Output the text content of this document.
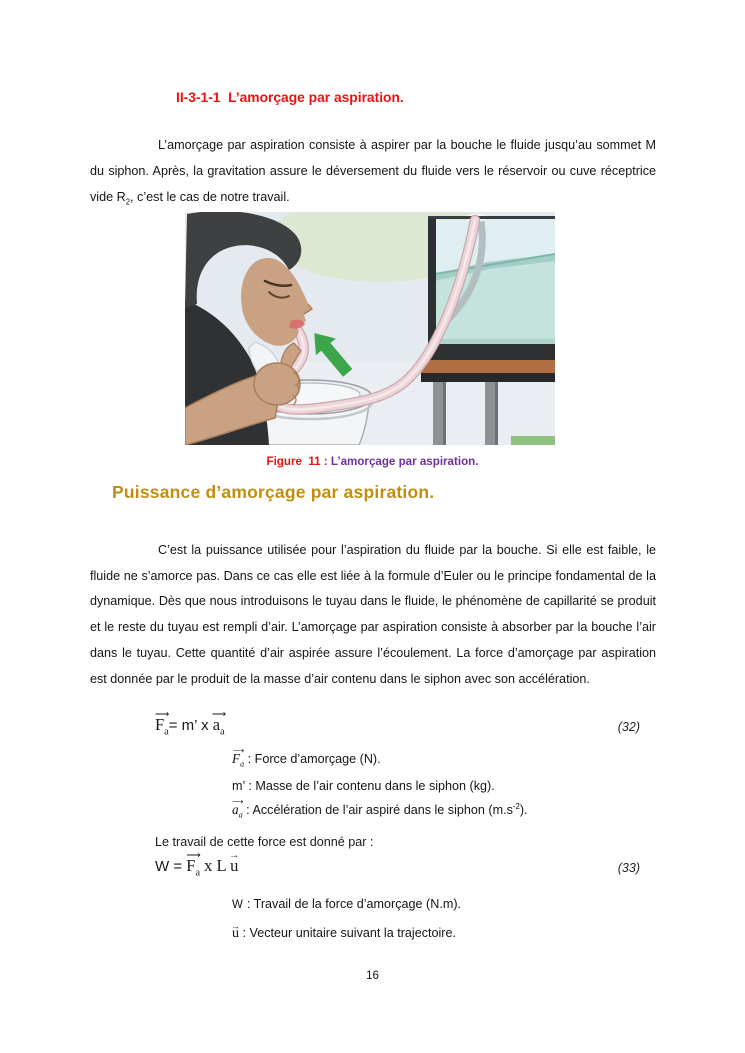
II-3-1-1  L’amorçage par aspiration.

L’amorçage par aspiration consiste à aspirer par la bouche le fluide jusqu’au sommet M du siphon. Après, la gravitation assure le déversement du fluide vers le réservoir ou cuve réceptrice vide $R_2$, c’est le cas de notre travail.

Figure  11 : L’amorçage par aspiration.
Puissance d’amorçage par aspiration.

C’est la puissance utilisée pour l’aspiration du fluide par la bouche. Si elle est faible, le fluide ne s’amorce pas. Dans ce cas elle est liée à la formule d’Euler ou le principe fondamental de la dynamique. Dès que nous introduisons le tuyau dans le fluide, le phénomène de capillarité se produit et le reste du tuyau est rempli d’air. L’amorçage par aspiration consiste à absorber par la bouche l’air dans le tuyau. Cette quantité d’air aspirée assure l’écoulement. La force d’amorçage par aspiration est donnée par le produit de la masse d’air contenu dans le siphon avec son accélération.

⟶ $F_a= m$’ x ⟶ $a_a$	(32)
⟶ $F_a$ : Force d’amorçage (N).
m’ : Masse de l’air contenu dans le siphon (kg).
⟶ $a_a$ : Accélération de l’air aspiré dans le siphon $(m.s^{-2})$.
Le travail de cette force est donné par :
W = ⟶ $F_a$ x L → u	(33)
W : Travail de la force d’amorçage (N.m).
→ u : Vecteur unitaire suivant la trajectoire.
16
